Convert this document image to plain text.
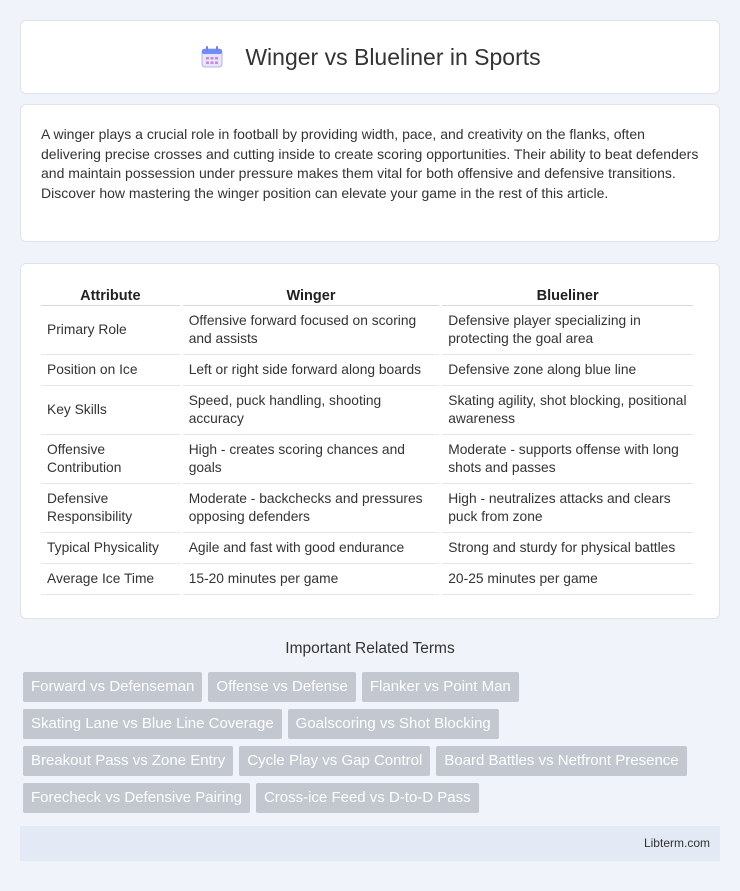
Winger vs Blueliner in Sports

A winger plays a crucial role in football by providing width, pace, and creativity on the flanks, often delivering precise crosses and cutting inside to create scoring opportunities. Their ability to beat defenders and maintain possession under pressure makes them vital for both offensive and defensive transitions. Discover how mastering the winger position can elevate your game in the rest of this article.

Attribute	Winger	Blueliner
Primary Role	Offensive forward focused on scoring and assists	Defensive player specializing in protecting the goal area
Position on Ice	Left or right side forward along boards	Defensive zone along blue line
Key Skills	Speed, puck handling, shooting accuracy	Skating agility, shot blocking, positional awareness
Offensive Contribution	High - creates scoring chances and goals	Moderate - supports offense with long shots and passes
Defensive Responsibility	Moderate - backchecks and pressures opposing defenders	High - neutralizes attacks and clears puck from zone
Typical Physicality	Agile and fast with good endurance	Strong and sturdy for physical battles
Average Ice Time	15-20 minutes per game	20-25 minutes per game
Important Related Terms
Forward vs Defenseman	Offense vs Defense	Flanker vs Point Man
Skating Lane vs Blue Line Coverage	Goalscoring vs Shot Blocking
Breakout Pass vs Zone Entry	Cycle Play vs Gap Control	Board Battles vs Netfront Presence
Forecheck vs Defensive Pairing	Cross-ice Feed vs D-to-D Pass
Libterm.com
